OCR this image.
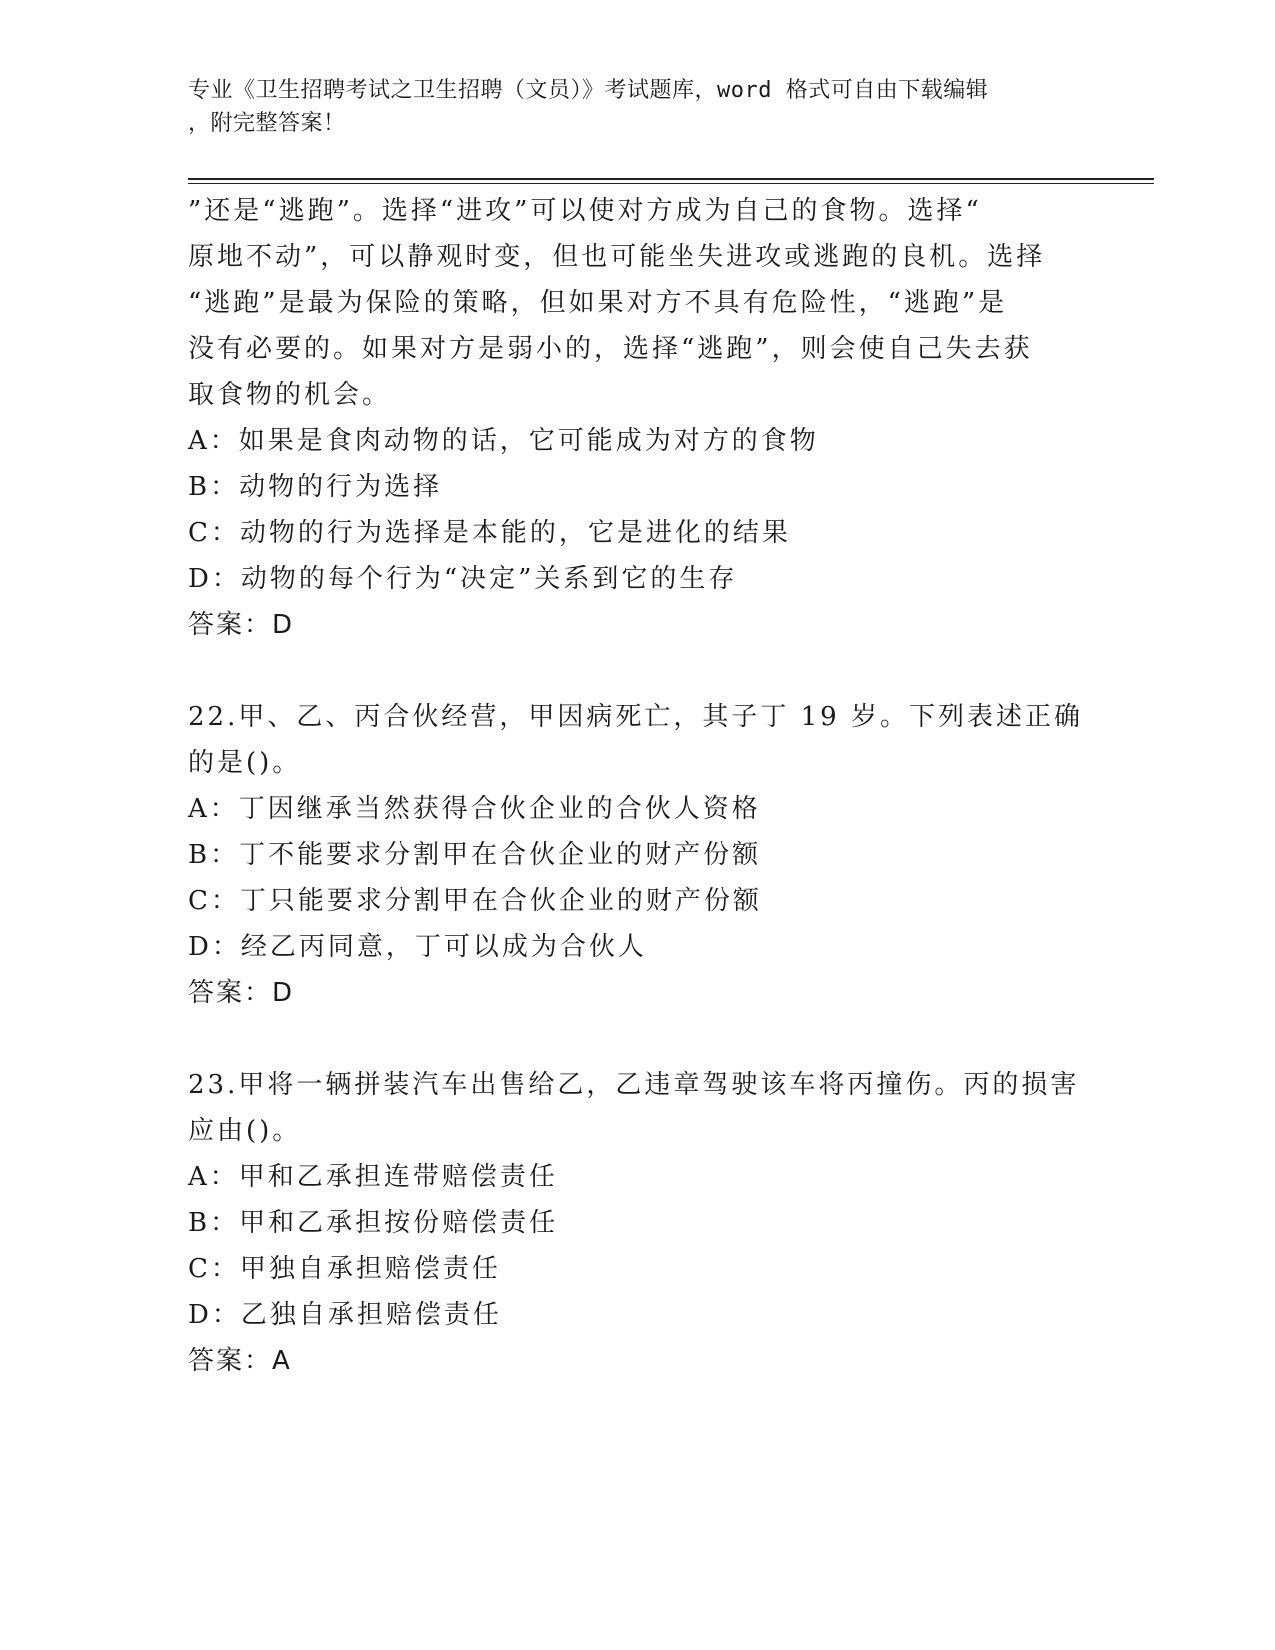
专业《卫生招聘考试之卫生招聘（文员）》考试题库，word 格式可自由下载编辑
，附完整答案！
”还是“逃跑”。选择“进攻”可以使对方成为自己的食物。选择“
原地不动”，可以静观时变，但也可能坐失进攻或逃跑的良机。选择
“逃跑”是最为保险的策略，但如果对方不具有危险性，“逃跑”是
没有必要的。如果对方是弱小的，选择“逃跑”，则会使自己失去获
取食物的机会。
A：如果是食肉动物的话，它可能成为对方的食物
B：动物的行为选择
C：动物的行为选择是本能的，它是进化的结果
D：动物的每个行为“决定”关系到它的生存
答案：D
22.甲、乙、丙合伙经营，甲因病死亡，其子丁 19 岁。下列表述正确
的是()。
A：丁因继承当然获得合伙企业的合伙人资格
B：丁不能要求分割甲在合伙企业的财产份额
C：丁只能要求分割甲在合伙企业的财产份额
D：经乙丙同意，丁可以成为合伙人
答案：D
23.甲将一辆拼装汽车出售给乙，乙违章驾驶该车将丙撞伤。丙的损害
应由()。
A：甲和乙承担连带赔偿责任
B：甲和乙承担按份赔偿责任
C：甲独自承担赔偿责任
D：乙独自承担赔偿责任
答案：A
